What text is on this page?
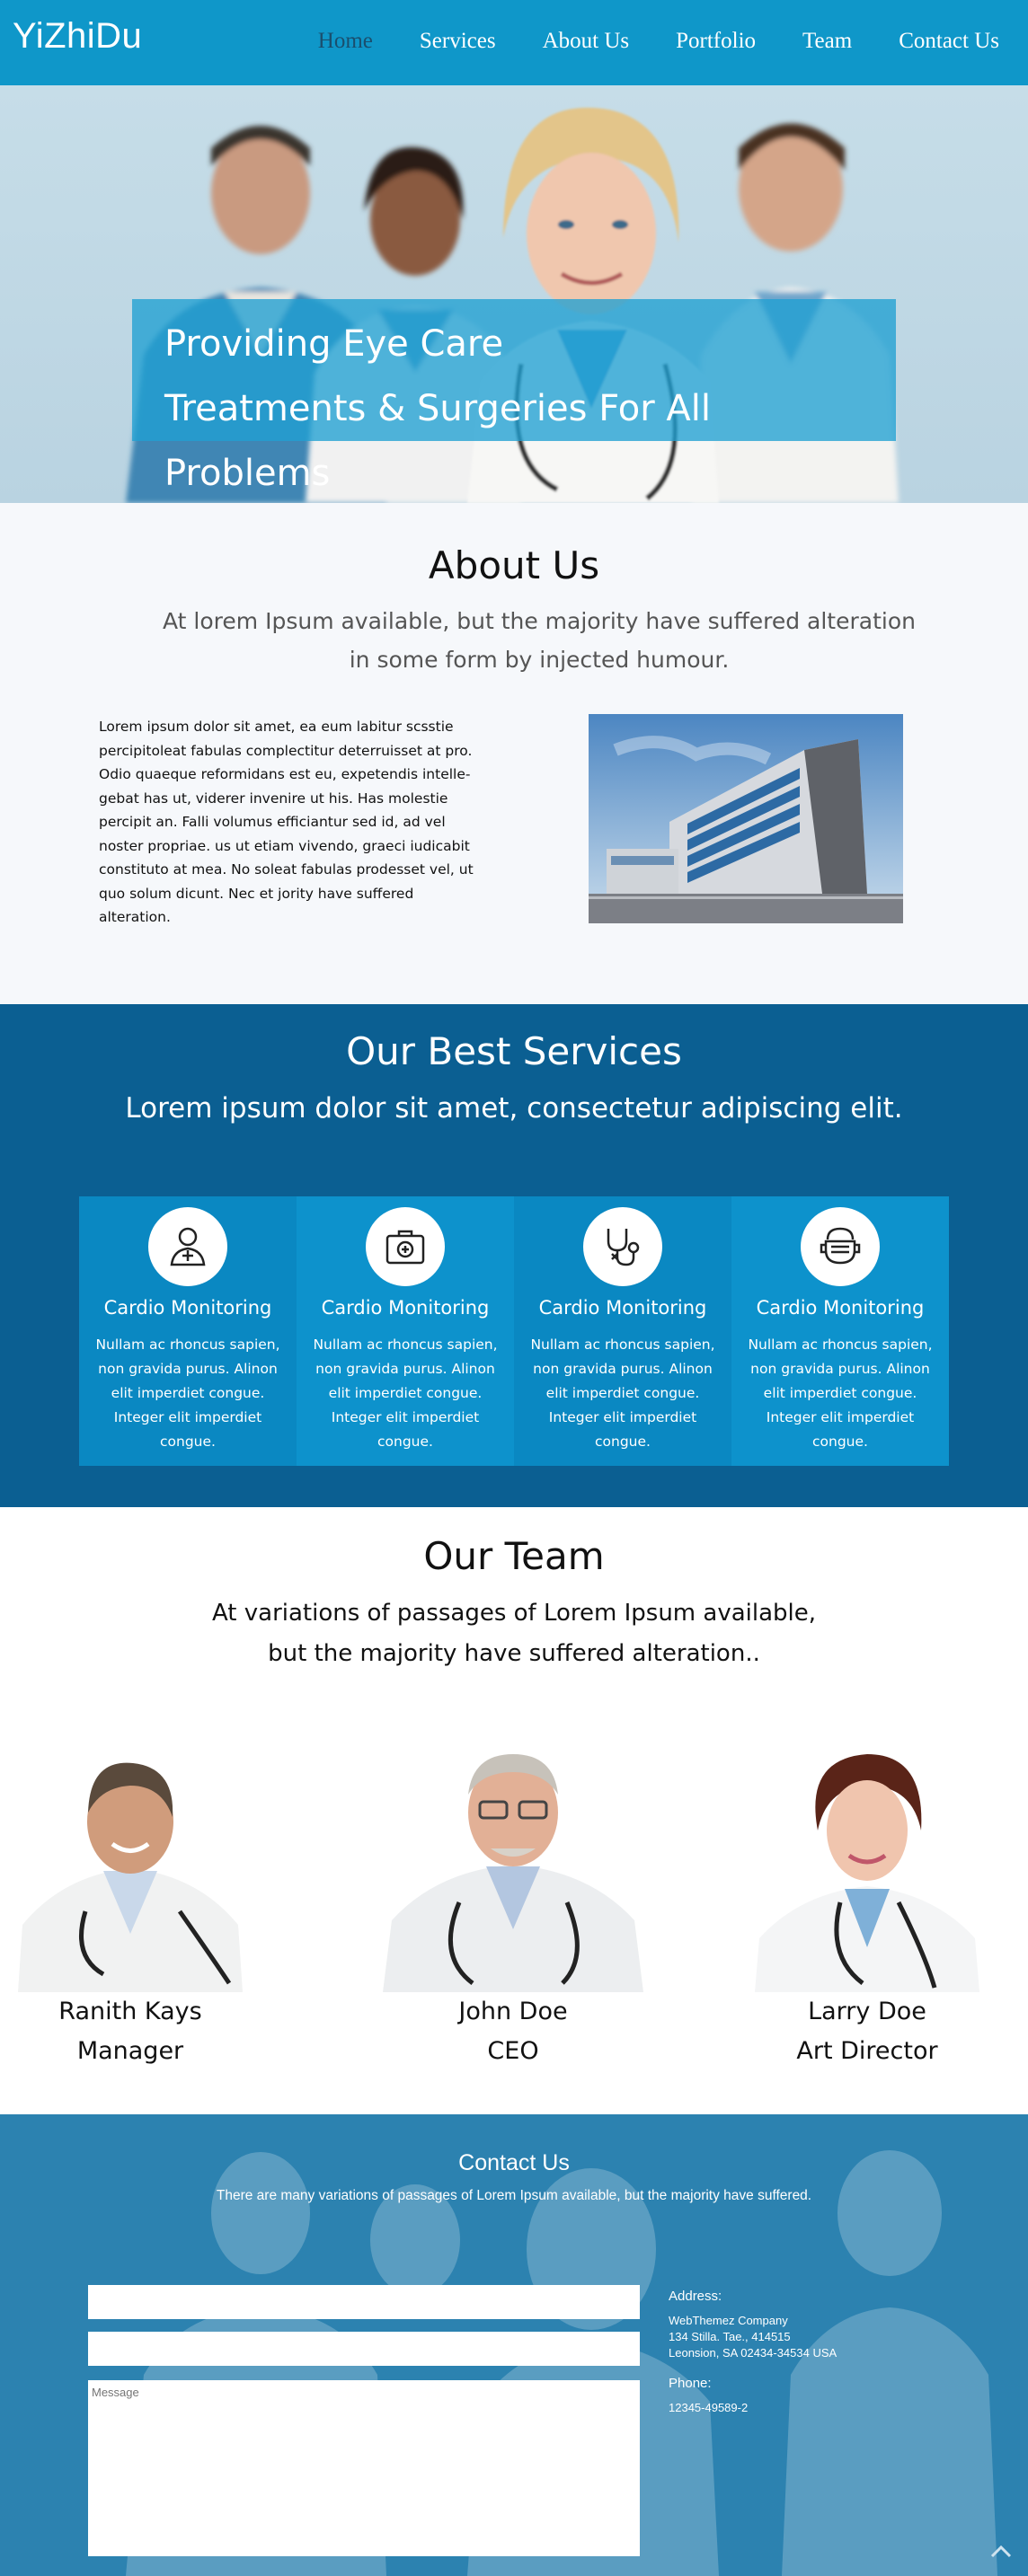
YiZhiDu	Home Services About Us Portfolio Team Contact Us
Providing Eye Care
Treatments & Surgeries For All Problems
About Us
At lorem Ipsum available, but the majority have suffered alteration in some form by injected humour.
Lorem ipsum dolor sit amet, ea eum labitur scsstie percipitoleat fabulas complectitur deterruisset at pro. Odio quaeque reformidans est eu, expetendis intelle-gebat has ut, viderer invenire ut his. Has molestie percipit an. Falli volumus efficiantur sed id, ad vel noster propriae. us ut etiam vivendo, graeci iudicabit constituto at mea. No soleat fabulas prodesset vel, ut quo solum dicunt. Nec et jority have suffered alteration.
Our Best Services
Lorem ipsum dolor sit amet, consectetur adipiscing elit.
Cardio Monitoring
Nullam ac rhoncus sapien, non gravida purus. Alinon elit imperdiet congue. Integer elit imperdiet congue.
Cardio Monitoring
Nullam ac rhoncus sapien, non gravida purus. Alinon elit imperdiet congue. Integer elit imperdiet congue.
Cardio Monitoring
Nullam ac rhoncus sapien, non gravida purus. Alinon elit imperdiet congue. Integer elit imperdiet congue.
Cardio Monitoring
Nullam ac rhoncus sapien, non gravida purus. Alinon elit imperdiet congue. Integer elit imperdiet congue.
Our Team
At variations of passages of Lorem Ipsum available,
but the majority have suffered alteration..
Ranith Kays
Manager
John Doe
CEO
Larry Doe
Art Director
Contact Us
There are many variations of passages of Lorem Ipsum available, but the majority have suffered.
Message
Address:
WebThemez Company
134 Stilla. Tae., 414515
Leonsion, SA 02434-34534 USA
Phone:
12345-49589-2
